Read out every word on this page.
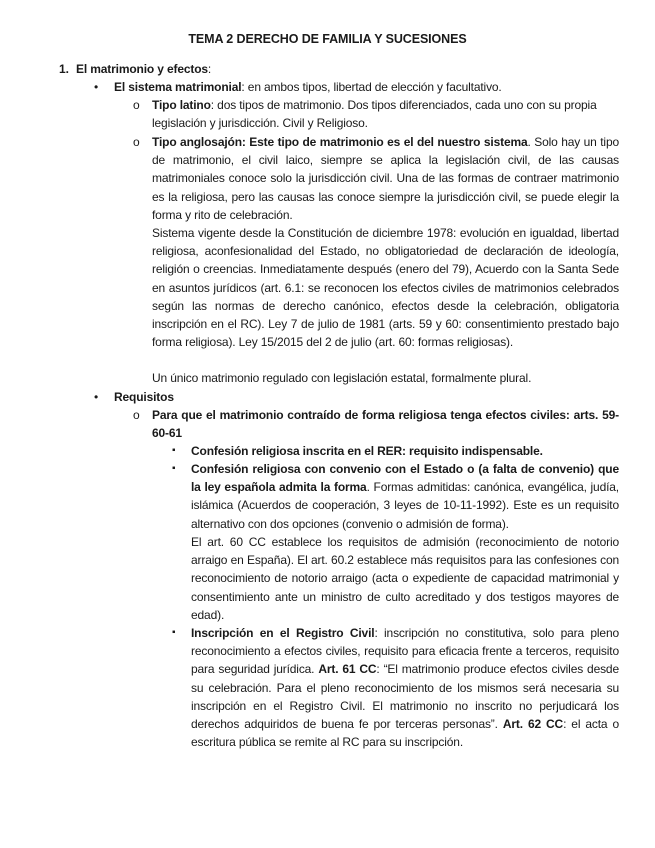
TEMA 2 DERECHO DE FAMILIA Y SUCESIONES
1. El matrimonio y efectos:
• El sistema matrimonial: en ambos tipos, libertad de elección y facultativo.
o Tipo latino: dos tipos de matrimonio. Dos tipos diferenciados, cada uno con su propia legislación y jurisdicción. Civil y Religioso.
o Tipo anglosajón: Este tipo de matrimonio es el del nuestro sistema. Solo hay un tipo de matrimonio, el civil laico, siempre se aplica la legislación civil, de las causas matrimoniales conoce solo la jurisdicción civil. Una de las formas de contraer matrimonio es la religiosa, pero las causas las conoce siempre la jurisdicción civil, se puede elegir la forma y rito de celebración.
Sistema vigente desde la Constitución de diciembre 1978: evolución en igualdad, libertad religiosa, aconfesionalidad del Estado, no obligatoriedad de declaración de ideología, religión o creencias. Inmediatamente después (enero del 79), Acuerdo con la Santa Sede en asuntos jurídicos (art. 6.1: se reconocen los efectos civiles de matrimonios celebrados según las normas de derecho canónico, efectos desde la celebración, obligatoria inscripción en el RC). Ley 7 de julio de 1981 (arts. 59 y 60: consentimiento prestado bajo forma religiosa). Ley 15/2015 del 2 de julio (art. 60: formas religiosas).
Un único matrimonio regulado con legislación estatal, formalmente plural.
• Requisitos
o Para que el matrimonio contraído de forma religiosa tenga efectos civiles: arts. 59-60-61
▪ Confesión religiosa inscrita en el RER: requisito indispensable.
▪ Confesión religiosa con convenio con el Estado o (a falta de convenio) que la ley española admita la forma. Formas admitidas: canónica, evangélica, judía, islámica (Acuerdos de cooperación, 3 leyes de 10-11-1992). Este es un requisito alternativo con dos opciones (convenio o admisión de forma).
El art. 60 CC establece los requisitos de admisión (reconocimiento de notorio arraigo en España). El art. 60.2 establece más requisitos para las confesiones con reconocimiento de notorio arraigo (acta o expediente de capacidad matrimonial y consentimiento ante un ministro de culto acreditado y dos testigos mayores de edad).
▪ Inscripción en el Registro Civil: inscripción no constitutiva, solo para pleno reconocimiento a efectos civiles, requisito para eficacia frente a terceros, requisito para seguridad jurídica. Art. 61 CC: “El matrimonio produce efectos civiles desde su celebración. Para el pleno reconocimiento de los mismos será necesaria su inscripción en el Registro Civil. El matrimonio no inscrito no perjudicará los derechos adquiridos de buena fe por terceras personas”. Art. 62 CC: el acta o escritura pública se remite al RC para su inscripción.
